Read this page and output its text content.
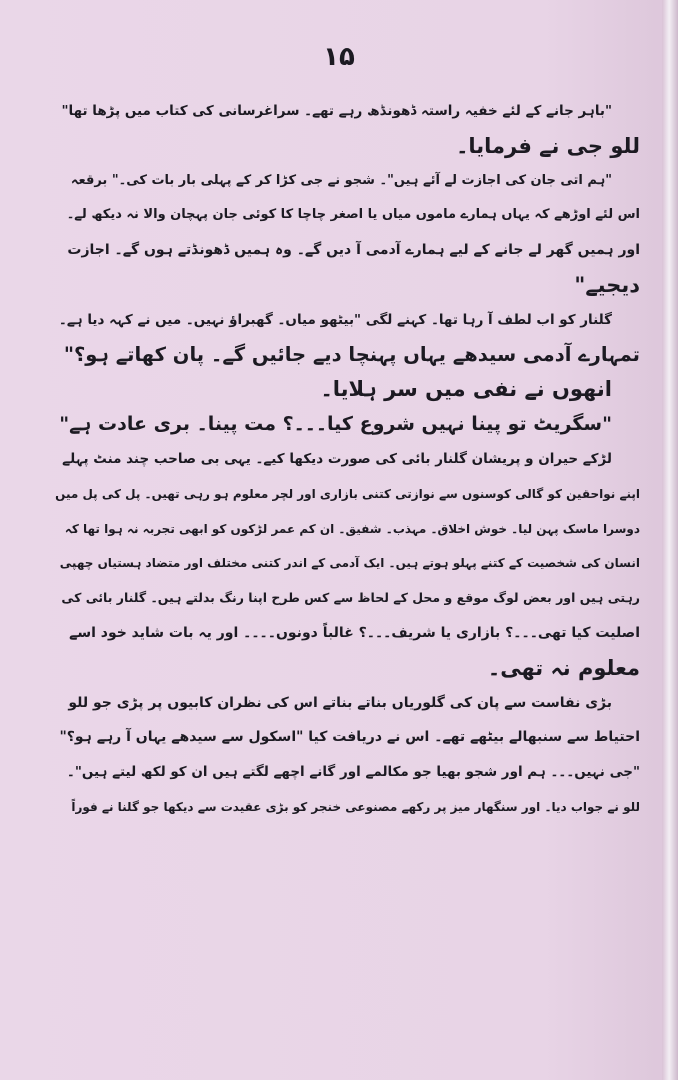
۱۵
"باہر جانے کے لئے خفیہ راستہ ڈھونڈھ رہے تھے۔ سراغرسانی کی کتاب میں پڑھا تھا"
للو جی نے فرمایا۔
"ہم اتی جان کی اجازت لے آئے ہیں"۔ شجو نے جی کڑا کر کے پہلی بار بات کی۔" برقعہ
اس لئے اوڑھے کہ یہاں ہمارے ماموں میاں یا اصغر چاچا کا کوئی جان پہچان والا نہ دیکھ لے۔
اور ہمیں گھر لے جانے کے لیے ہمارے آدمی آ دیں گے۔ وہ ہمیں ڈھونڈتے ہوں گے۔ اجازت
دیجیے"
گلنار کو اب لطف آ رہا تھا۔ کہنے لگی "بیٹھو میاں۔ گھبراؤ نہیں۔ میں نے کہہ دیا ہے۔
تمہارے آدمی سیدھے یہاں پہنچا دیے جائیں گے۔ پان کھاتے ہو؟"
انھوں نے نفی میں سر ہلایا۔
"سگریٹ تو پینا نہیں شروع کیا۔۔۔؟ مت پینا۔ بری عادت ہے"
لڑکے حیران و پریشان گلنار بائی کی صورت دیکھا کیے۔ یہی بی صاحب چند منٹ پہلے
اپنے نواحقین کو گالی کوسنوں سے نوازتی کتنی بازاری اور لچر معلوم ہو رہی تھیں۔ پل کی پل میں
دوسرا ماسک پہن لیا۔ خوش اخلاق۔ مہذب۔ شفیق۔ ان کم عمر لڑکوں کو ابھی تجربہ نہ ہوا تھا کہ
انسان کی شخصیت کے کتنے پہلو ہوتے ہیں۔ ایک آدمی کے اندر کتنی مختلف اور متضاد ہستیاں چھپی
رہتی ہیں اور بعض لوگ موقع و محل کے لحاظ سے کس طرح اپنا رنگ بدلتے ہیں۔ گلنار بائی کی
اصلیت کیا تھی۔۔۔؟ بازاری یا شریف۔۔۔؟ غالباً دونوں۔۔۔۔ اور یہ بات شاید خود اسے
معلوم نہ تھی۔
بڑی نفاست سے پان کی گلوریاں بناتے بناتے اس کی نظران کابیوں پر پڑی جو للو
احتیاط سے سنبھالے بیٹھے تھے۔ اس نے دریافت کیا "اسکول سے سیدھے یہاں آ رہے ہو؟"
"جی نہیں۔۔۔ ہم اور شجو بھیا جو مکالمے اور گانے اچھے لگتے ہیں ان کو لکھ لیتے ہیں"۔
للو نے جواب دیا۔ اور سنگھار میز پر رکھے مصنوعی خنجر کو بڑی عقیدت سے دیکھا جو گلنا نے فوراً
